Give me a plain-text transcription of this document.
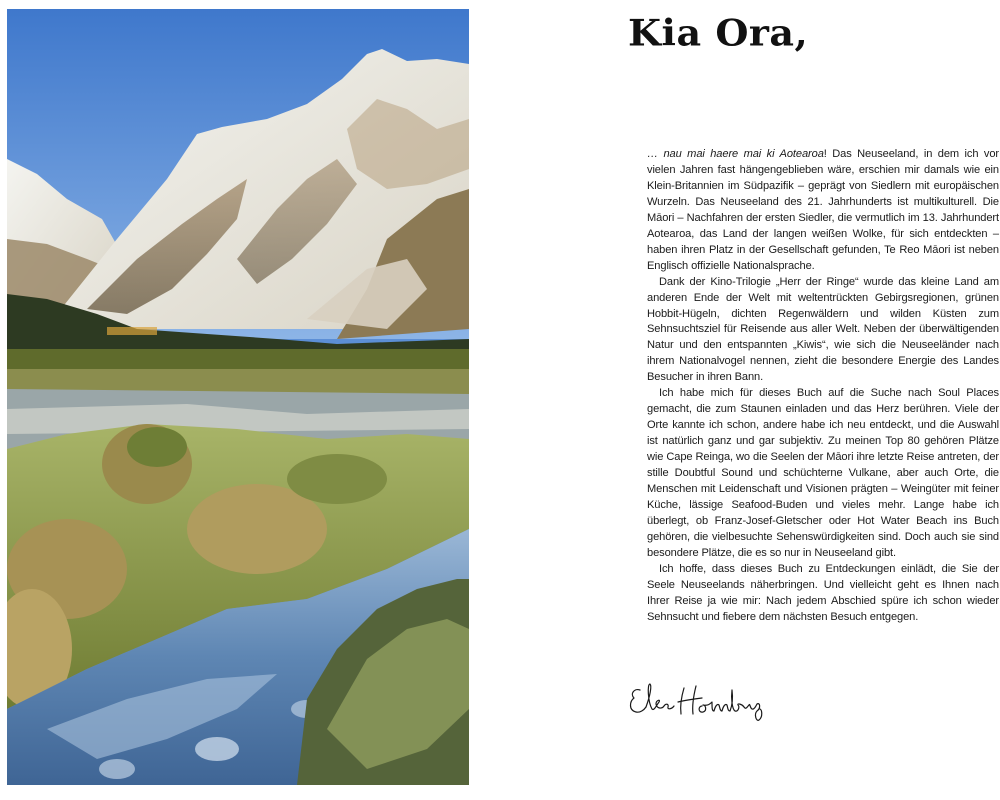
Kia Ora,

… nau mai haere mai ki Aotearoa! Das Neuseeland, in dem ich vor vielen Jahren fast hängengeblieben wäre, erschien mir damals wie ein Klein-Britannien im Südpazifik – geprägt von Siedlern mit europäischen Wurzeln. Das Neuseeland des 21. Jahrhunderts ist multikulturell. Die Māori – Nachfahren der ersten Siedler, die vermutlich im 13. Jahrhundert Aotearoa, das Land der langen weißen Wolke, für sich entdeckten – haben ihren Platz in der Gesellschaft gefunden, Te Reo Māori ist neben Englisch offizielle Nationalsprache.

Dank der Kino-Trilogie „Herr der Ringe“ wurde das kleine Land am anderen Ende der Welt mit weltentrückten Gebirgsregionen, grünen Hobbit-Hügeln, dichten Regenwäldern und wilden Küsten zum Sehnsuchtsziel für Reisende aus aller Welt. Neben der überwältigenden Natur und den entspannten „Kiwis“, wie sich die Neuseeländer nach ihrem Nationalvogel nennen, zieht die besondere Energie des Landes Besucher in ihren Bann.

Ich habe mich für dieses Buch auf die Suche nach Soul Places gemacht, die zum Staunen einladen und das Herz berühren. Viele der Orte kannte ich schon, andere habe ich neu entdeckt, und die Auswahl ist natürlich ganz und gar subjektiv. Zu meinen Top 80 gehören Plätze wie Cape Reinga, wo die Seelen der Māori ihre letzte Reise antreten, der stille Doubtful Sound und schüchterne Vulkane, aber auch Orte, die Menschen mit Leidenschaft und Visionen prägten – Weingüter mit feiner Küche, lässige Seafood-Buden und vieles mehr. Lange habe ich überlegt, ob Franz-Josef-Gletscher oder Hot Water Beach ins Buch gehören, die vielbesuchte Sehenswürdigkeiten sind. Doch auch sie sind besondere Plätze, die es so nur in Neuseeland gibt.

Ich hoffe, dass dieses Buch zu Entdeckungen einlädt, die Sie der Seele Neuseelands näherbringen. Und vielleicht geht es Ihnen nach Ihrer Reise ja wie mir: Nach jedem Abschied spüre ich schon wieder Sehnsucht und fiebere dem nächsten Besuch entgegen.
